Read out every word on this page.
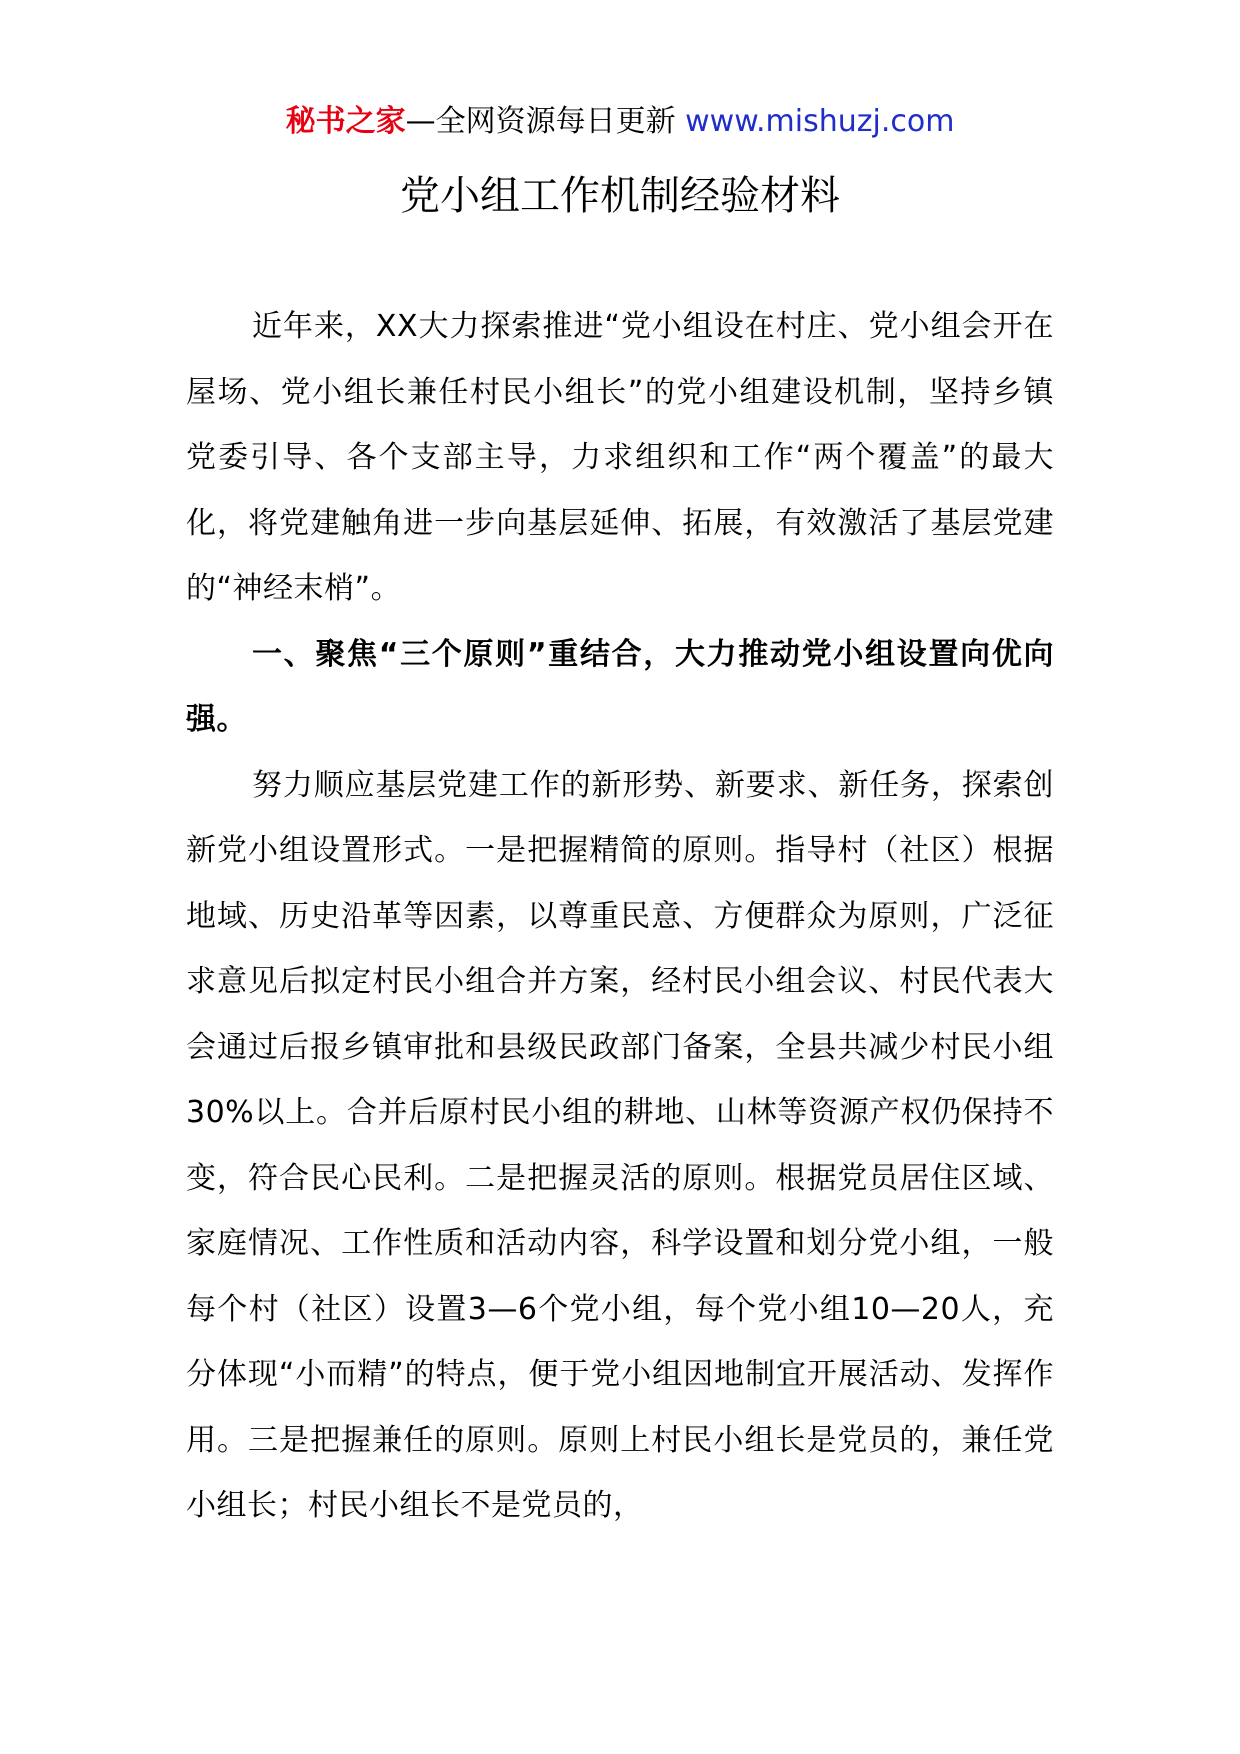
秘书之家—全网资源每日更新 www.mishuzj.com
党小组工作机制经验材料

近年来，XX大力探索推进“党小组设在村庄、党小组会开在屋场、党小组长兼任村民小组长”的党小组建设机制，坚持乡镇党委引导、各个支部主导，力求组织和工作“两个覆盖”的最大化，将党建触角进一步向基层延伸、拓展，有效激活了基层党建的“神经末梢”。

一、聚焦“三个原则”重结合，大力推动党小组设置向优向强。

努力顺应基层党建工作的新形势、新要求、新任务，探索创新党小组设置形式。一是把握精简的原则。指导村（社区）根据地域、历史沿革等因素，以尊重民意、方便群众为原则，广泛征求意见后拟定村民小组合并方案，经村民小组会议、村民代表大会通过后报乡镇审批和县级民政部门备案，全县共减少村民小组30%以上。合并后原村民小组的耕地、山林等资源产权仍保持不变，符合民心民利。二是把握灵活的原则。根据党员居住区域、家庭情况、工作性质和活动内容，科学设置和划分党小组，一般每个村（社区）设置3—6个党小组，每个党小组10—20人，充分体现“小而精”的特点，便于党小组因地制宜开展活动、发挥作用。三是把握兼任的原则。原则上村民小组长是党员的，兼任党小组长；村民小组长不是党员的，
